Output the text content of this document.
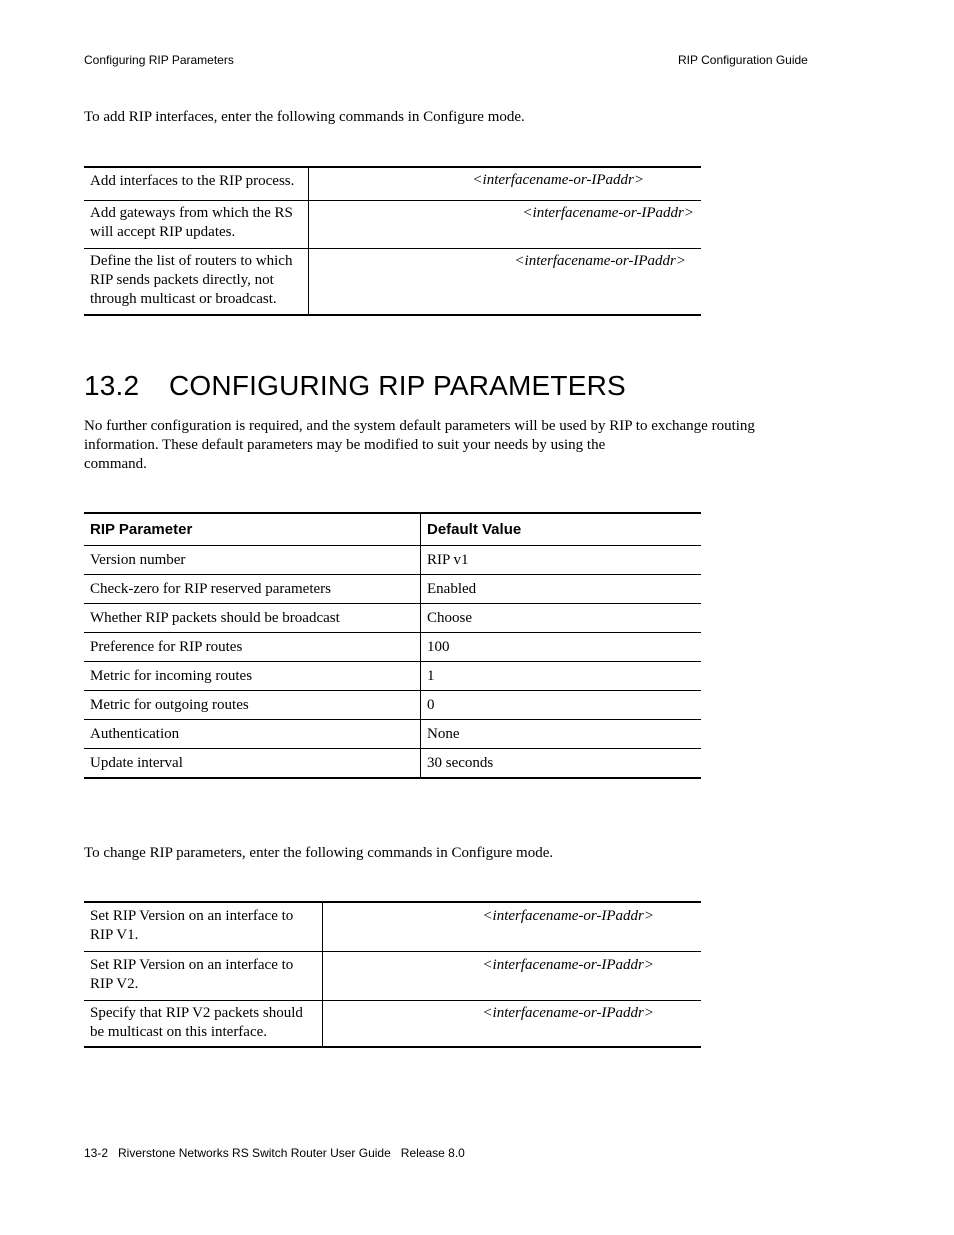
Configuring RIP Parameters	RIP Configuration Guide
To add RIP interfaces, enter the following commands in Configure mode.
Add interfaces to the RIP process.	<interfacename-or-IPaddr>
Add gateways from which the RS will accept RIP updates.	<interfacename-or-IPaddr>
Define the list of routers to which RIP sends packets directly, not through multicast or broadcast.	<interfacename-or-IPaddr>
13.2 CONFIGURING RIP PARAMETERS
No further configuration is required, and the system default parameters will be used by RIP to exchange routing
information. These default parameters may be modified to suit your needs by using the
command.
RIP Parameter	Default Value
Version number	RIP v1
Check-zero for RIP reserved parameters	Enabled
Whether RIP packets should be broadcast	Choose
Preference for RIP routes	100
Metric for incoming routes	1
Metric for outgoing routes	0
Authentication	None
Update interval	30 seconds
To change RIP parameters, enter the following commands in Configure mode.
Set RIP Version on an interface to RIP V1.	<interfacename-or-IPaddr>
Set RIP Version on an interface to RIP V2.	<interfacename-or-IPaddr>
Specify that RIP V2 packets should be multicast on this interface.	<interfacename-or-IPaddr>
13-2   Riverstone Networks RS Switch Router User Guide   Release 8.0
